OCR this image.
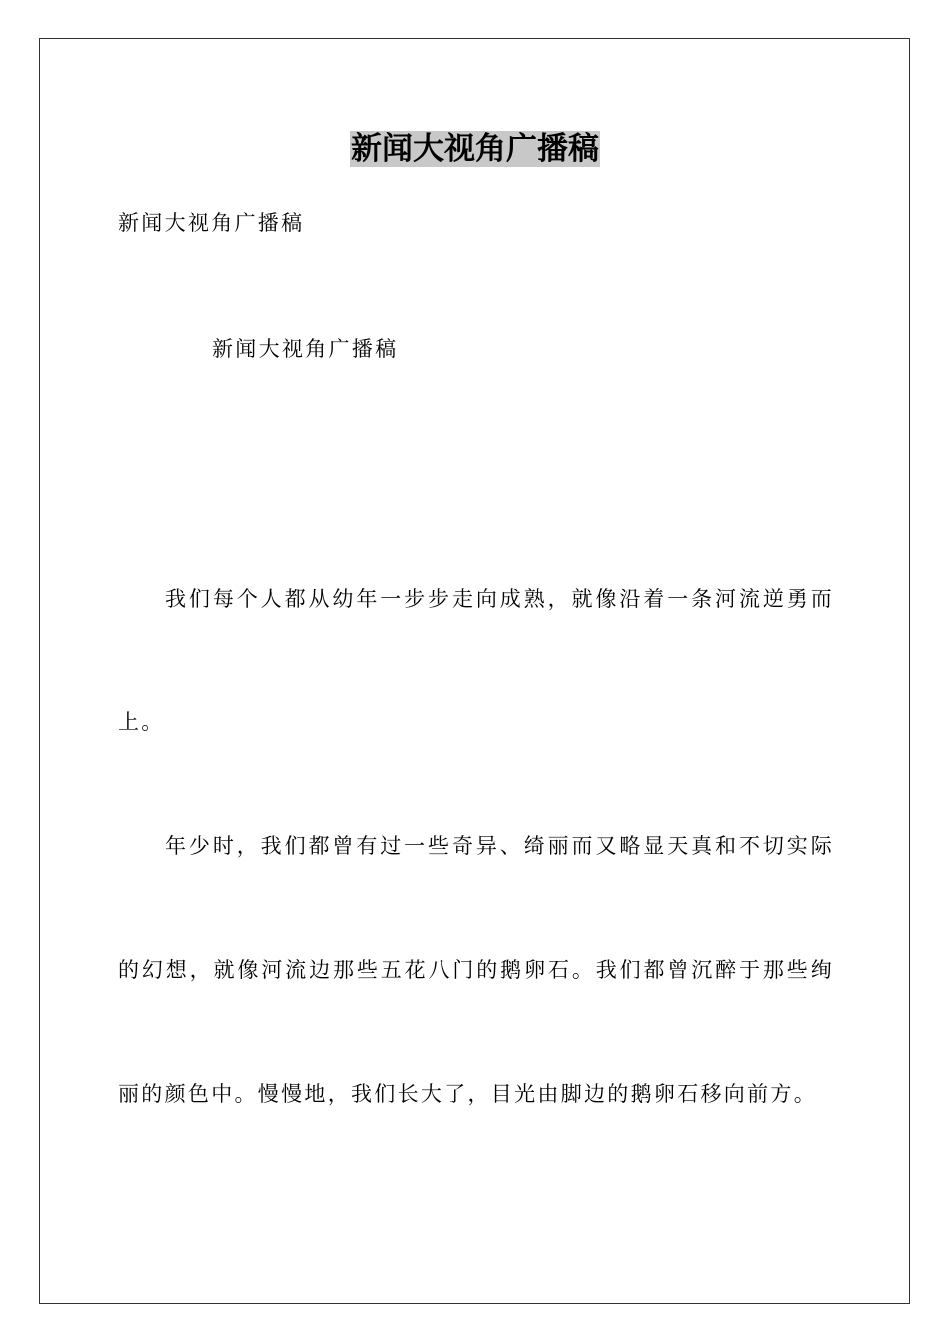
新闻大视角广播稿

新闻大视角广播稿

新闻大视角广播稿

我们每个人都从幼年一步步走向成熟，就像沿着一条河流逆勇而

上。

年少时，我们都曾有过一些奇异、绮丽而又略显天真和不切实际

的幻想，就像河流边那些五花八门的鹅卵石。我们都曾沉醉于那些绚

丽的颜色中。慢慢地，我们长大了，目光由脚边的鹅卵石移向前方。
